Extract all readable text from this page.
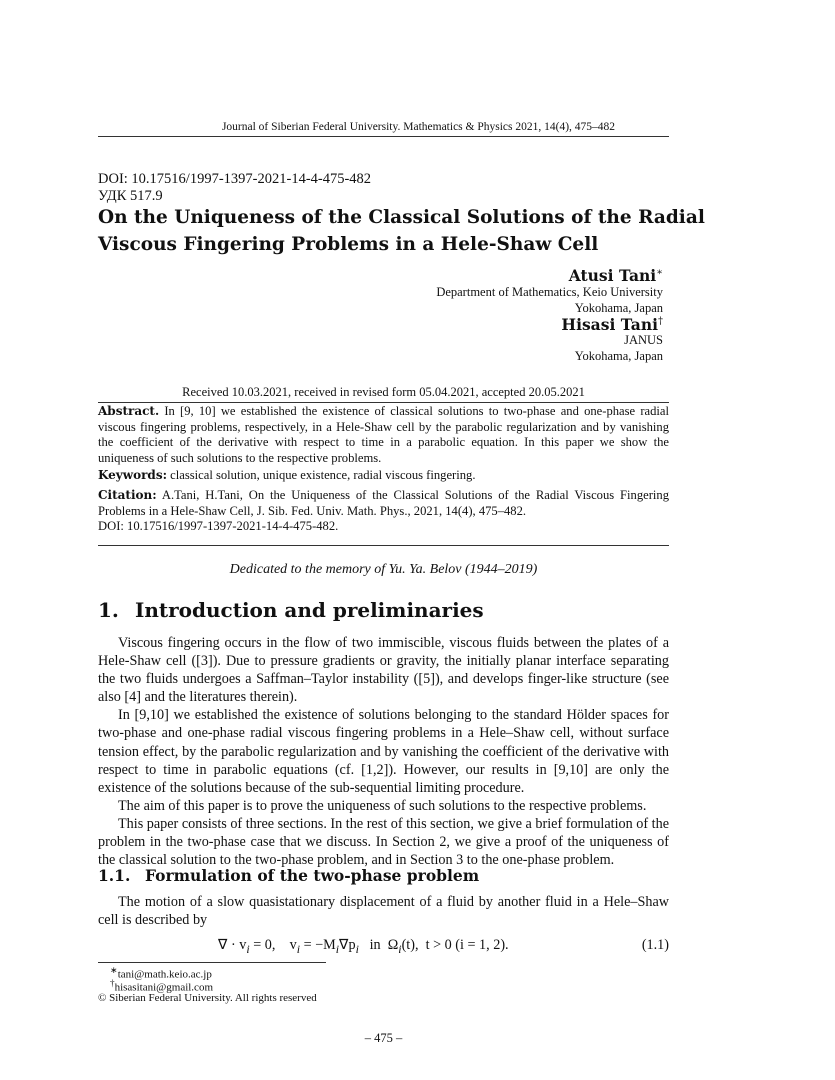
Journal of Siberian Federal University. Mathematics & Physics 2021, 14(4), 475–482
DOI: 10.17516/1997-1397-2021-14-4-475-482
УДК 517.9
On the Uniqueness of the Classical Solutions of the Radial Viscous Fingering Problems in a Hele-Shaw Cell
Atusi Tani∗
Department of Mathematics, Keio University
Yokohama, Japan
Hisasi Tani†
JANUS
Yokohama, Japan
Received 10.03.2021, received in revised form 05.04.2021, accepted 20.05.2021
Abstract. In [9, 10] we established the existence of classical solutions to two-phase and one-phase radial viscous fingering problems, respectively, in a Hele-Shaw cell by the parabolic regularization and by vanishing the coefficient of the derivative with respect to time in a parabolic equation. In this paper we show the uniqueness of such solutions to the respective problems.
Keywords: classical solution, unique existence, radial viscous fingering.
Citation: A.Tani, H.Tani, On the Uniqueness of the Classical Solutions of the Radial Viscous Fingering Problems in a Hele-Shaw Cell, J. Sib. Fed. Univ. Math. Phys., 2021, 14(4), 475–482.
DOI: 10.17516/1997-1397-2021-14-4-475-482.
Dedicated to the memory of Yu. Ya. Belov (1944–2019)
1. Introduction and preliminaries

Viscous fingering occurs in the flow of two immiscible, viscous fluids between the plates of a Hele-Shaw cell ([3]). Due to pressure gradients or gravity, the initially planar interface separating the two fluids undergoes a Saffman–Taylor instability ([5]), and develops finger-like structure (see also [4] and the literatures therein).

In [9,10] we established the existence of solutions belonging to the standard Hölder spaces for two-phase and one-phase radial viscous fingering problems in a Hele–Shaw cell, without surface tension effect, by the parabolic regularization and by vanishing the coefficient of the derivative with respect to time in parabolic equations (cf. [1,2]). However, our results in [9,10] are only the existence of the solutions because of the sub-sequential limiting procedure.

The aim of this paper is to prove the uniqueness of such solutions to the respective problems.

This paper consists of three sections. In the rest of this section, we give a brief formulation of the problem in the two-phase case that we discuss. In Section 2, we give a proof of the uniqueness of the classical solution to the two-phase problem, and in Section 3 to the one-phase problem.

1.1. Formulation of the two-phase problem

The motion of a slow quasistationary displacement of a fluid by another fluid in a Hele–Shaw cell is described by

∇ · $v_i = 0$,    $v_i = -M_i\nabla p_i$   in  $\Omega_i(t)$,  t > 0 (i = 1, 2).	(1.1)
∗tani@math.keio.ac.jp
†hisasitani@gmail.com
© Siberian Federal University. All rights reserved
– 475 –
